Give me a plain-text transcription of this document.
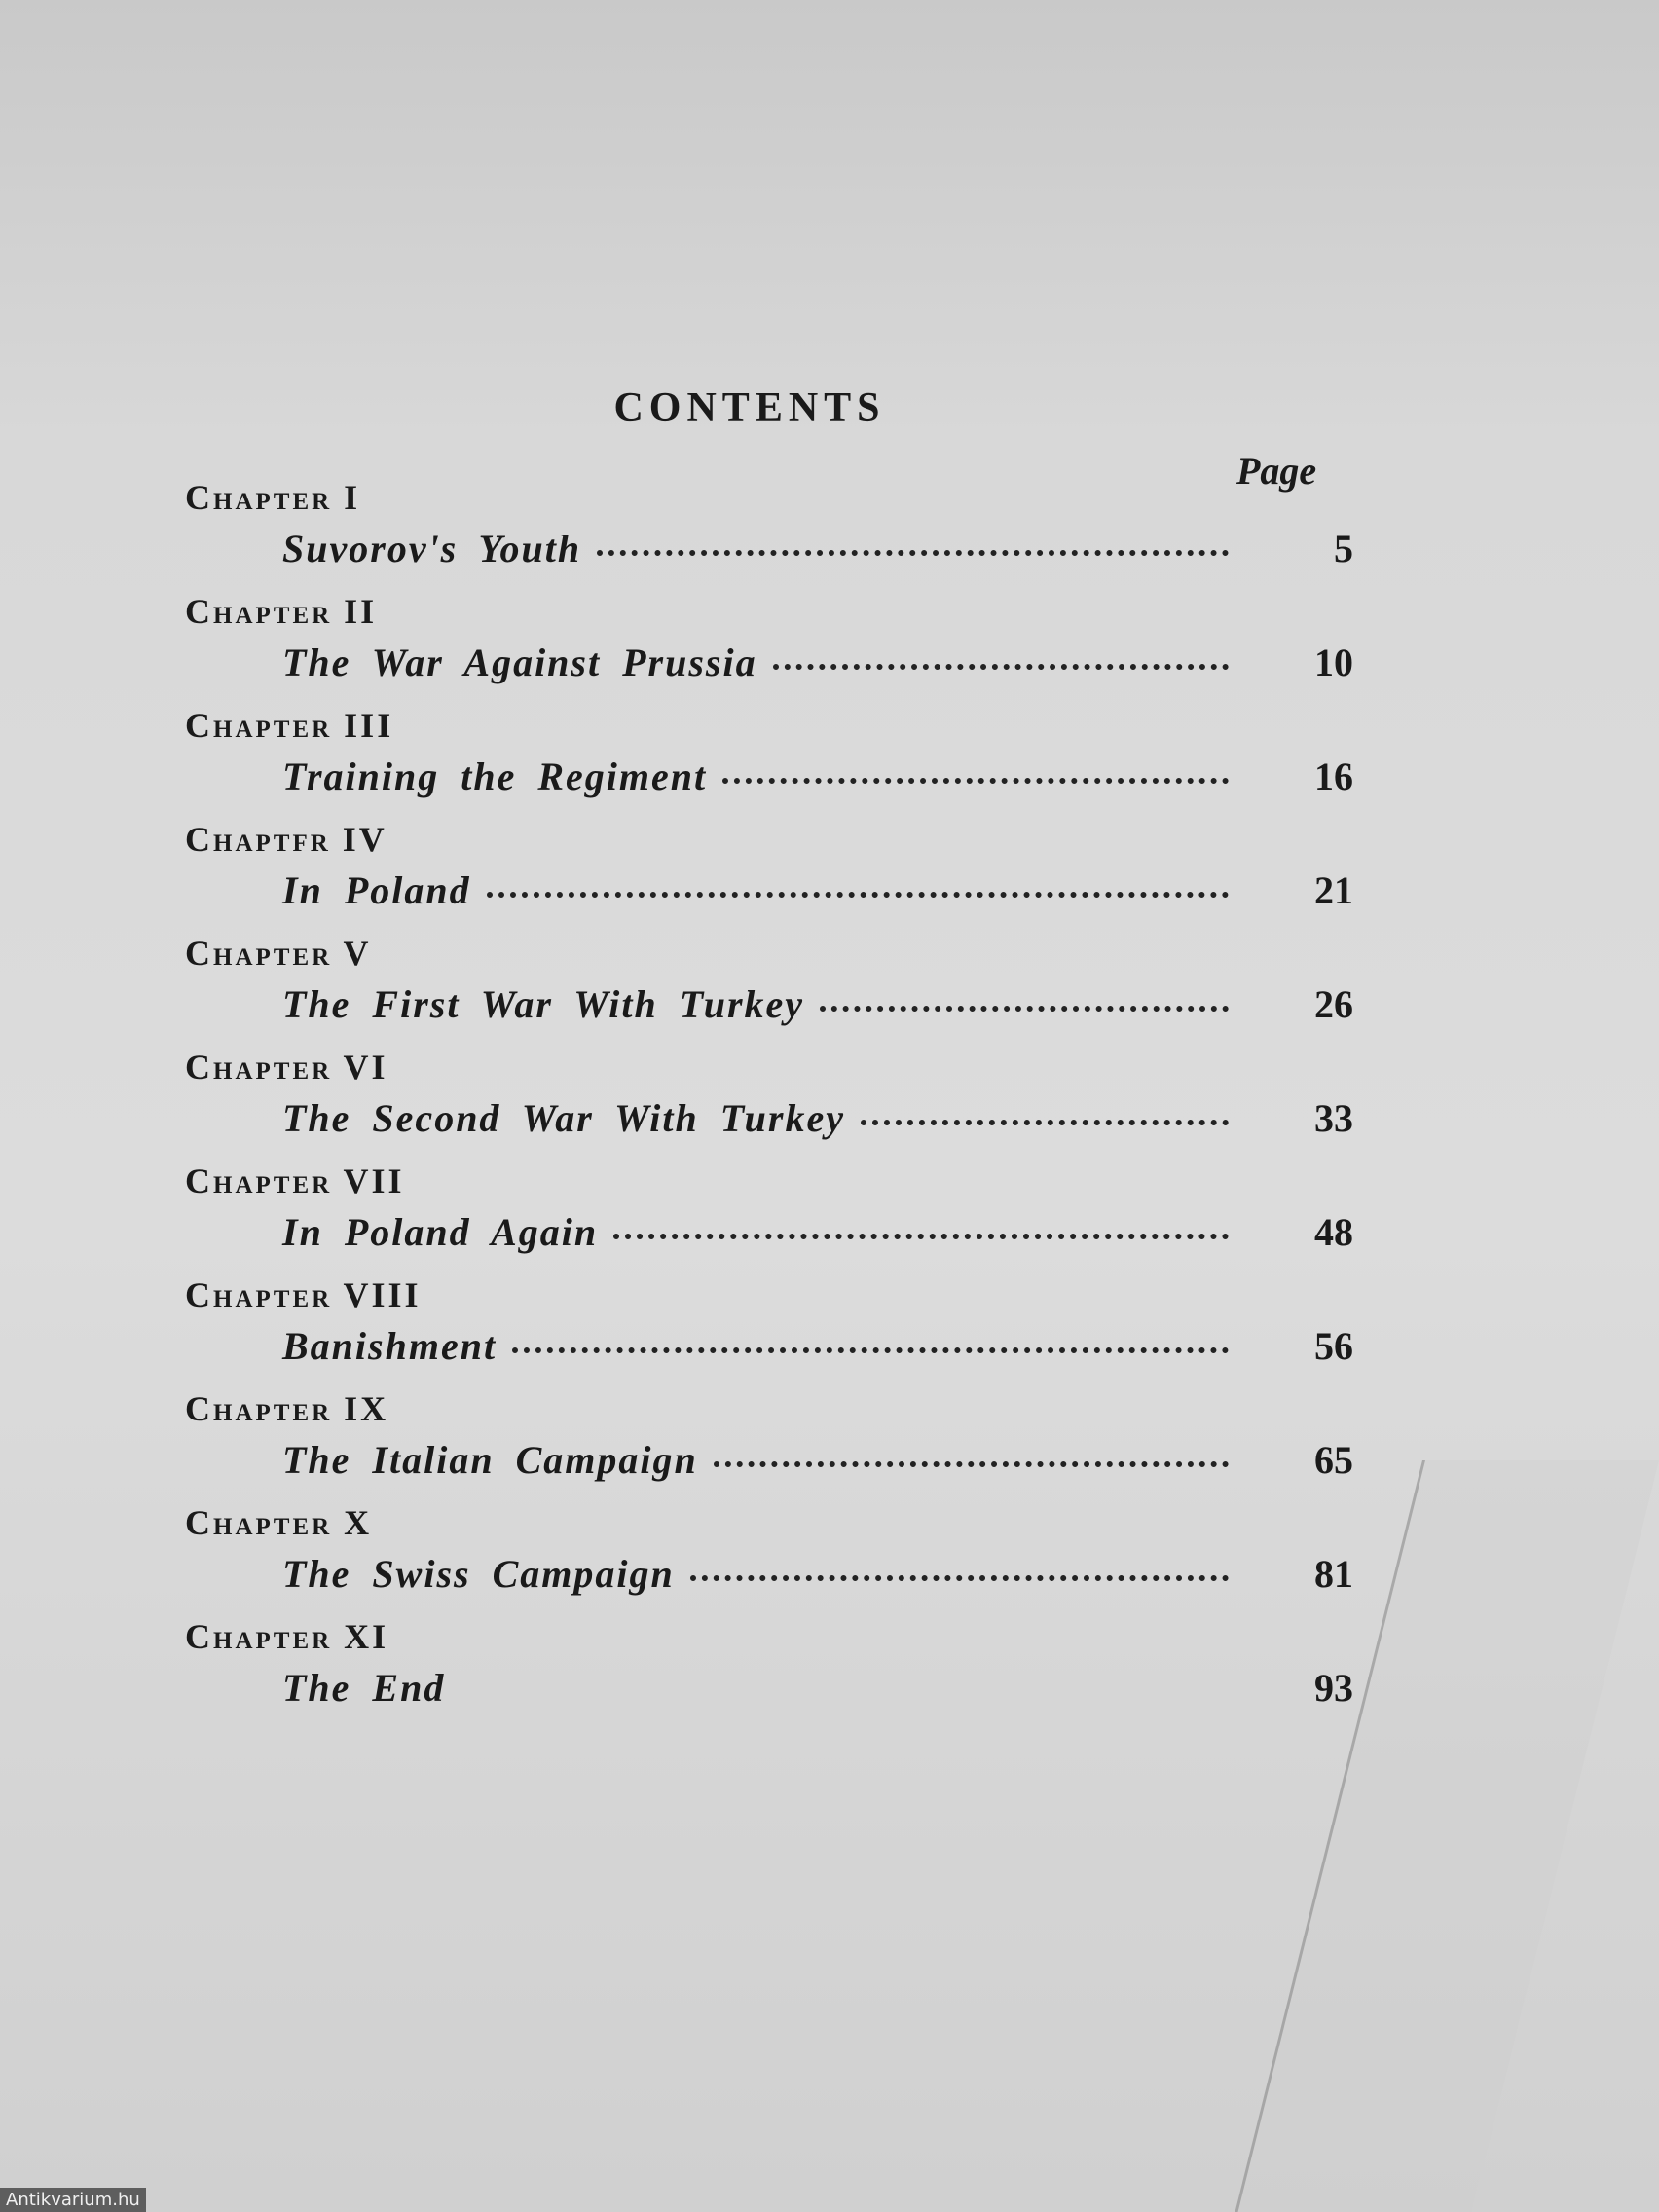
CONTENTS
Page
Chapter I
Suvorov's Youth	5
Chapter II
The War Against Prussia	10
Chapter III
Training the Regiment	16
Chaptfr IV
In Poland	21
Chapter V
The First War With Turkey	26
Chapter VI
The Second War With Turkey	33
Chapter VII
In Poland Again	48
Chapter VIII
Banishment	56
Chapter IX
The Italian Campaign	65
Chapter X
The Swiss Campaign	81
Chapter XI
The End	93
Antikvarium.hu
